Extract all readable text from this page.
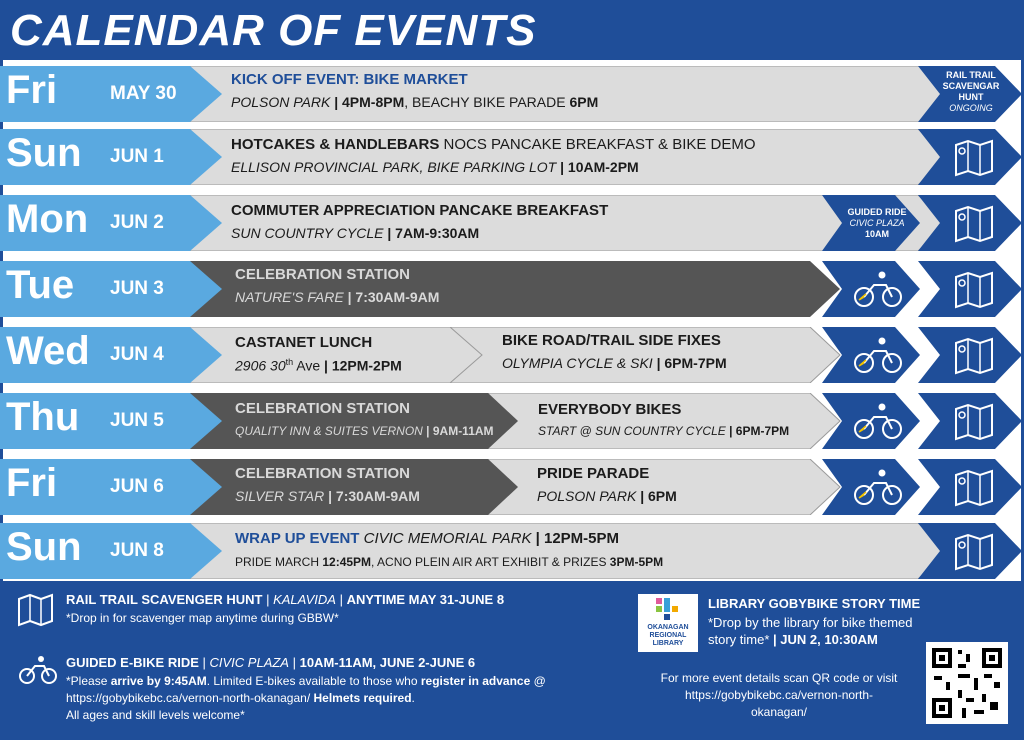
CALENDAR OF EVENTS
Fri	MAY 30
KICK OFF EVENT: BIKE MARKET
POLSON PARK | 4PM-8PM, BEACHY BIKE PARADE 6PM
RAIL TRAIL SCAVENGAR HUNT
ONGOING
Sun JUN 1
HOTCAKES & HANDLEBARS NOCS PANCAKE BREAKFAST & BIKE DEMO
ELLISON PROVINCIAL PARK, BIKE PARKING LOT | 10AM-2PM
Mon JUN 2
COMMUTER APPRECIATION PANCAKE BREAKFAST
SUN COUNTRY CYCLE | 7AM-9:30AM
GUIDED RIDE
CIVIC PLAZA
10AM
Tue JUN 3
CELEBRATION STATION
NATURE'S FARE | 7:30AM-9AM
Wed JUN 4
CASTANET LUNCH
2906 30th Ave | 12PM-2PM
BIKE ROAD/TRAIL SIDE FIXES
OLYMPIA CYCLE & SKI | 6PM-7PM
Thu JUN 5
CELEBRATION STATION
QUALITY INN & SUITES VERNON | 9AM-11AM
EVERYBODY BIKES
START @ SUN COUNTRY CYCLE | 6PM-7PM
Fri	JUN 6
CELEBRATION STATION
SILVER STAR | 7:30AM-9AM
PRIDE PARADE
POLSON PARK | 6PM
Sun JUN 8
WRAP UP EVENT CIVIC MEMORIAL PARK | 12PM-5PM
PRIDE MARCH 12:45PM, ACNO PLEIN AIR ART EXHIBIT & PRIZES 3PM-5PM
RAIL TRAIL SCAVENGER HUNT | KALAVIDA | ANYTIME MAY 31-JUNE 8
*Drop in for scavenger map anytime during GBBW*
GUIDED E-BIKE RIDE | CIVIC PLAZA | 10AM-11AM, JUNE 2-JUNE 6
*Please arrive by 9:45AM. Limited E-bikes available to those who register in advance @ https://gobybikebc.ca/vernon-north-okanagan/ Helmets required.
All ages and skill levels welcome*
OKANAGAN REGIONAL LIBRARY
LIBRARY GOBYBIKE STORY TIME
*Drop by the library for bike themed
story time* | JUN 2, 10:30AM
For more event details scan QR code or visit
https://gobybikebc.ca/vernon-north-
okanagan/
